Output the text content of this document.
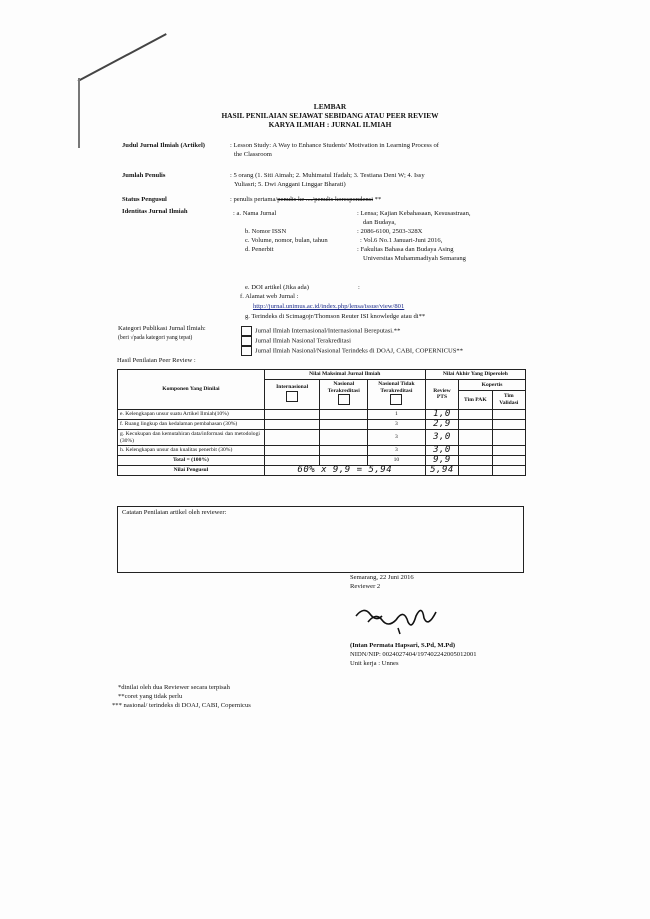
LEMBAR
HASIL PENILAIAN SEJAWAT SEBIDANG ATAU PEER REVIEW
KARYA ILMIAH : JURNAL ILMIAH
Judul Jurnal Ilmiah (Artikel)	: Lesson Study: A Way to Enhance Students' Motivation in Learning Process of
the Classroom
Jumlah Penulis	: 5 orang (1. Siti Aimah; 2. Muhimatul Ifadah; 3. Testiana Deni W; 4. Issy
Yuliasri; 5. Dwi Anggani Linggar Bharati)
Status Pengusul	: penulis pertama/penulis ke ..../penulis korespondensi **
Identitas Jurnal Ilmiah	: a. Nama Jurnal	: Lensa; Kajian Kebahasaan, Kesusastraan,
dan Budaya,
b. Nomor ISSN	: 2086-6100, 2503-328X
c. Volume, nomor, bulan, tahun	: Vol.6 No.1 Januari-Juni 2016,
d. Penerbit	: Fakultas Bahasa dan Budaya Asing
Universitas Muhammadiyah Semarang
e. DOI artikel (Jika ada)	:
f. Alamat web Jurnal :
http://jurnal.unimus.ac.id/index.php/lensa/issue/view/801
g. Terindeks di Scimagojr/Thomson Reuter ISI knowledge atau di**
Kategori Publikasi Jurnal Ilmiah:
(beri √pada kategori yang tepat)
Jurnal Ilmiah Internasional/Internasional Bereputasi.**
Jurnal Ilmiah Nasional Terakreditasi
Jurnal Ilmiah Nasional/Nasional Terindeks di DOAJ, CABI, COPERNICUS**
Hasil Penilaian Peer Review :
Komponen Yang Dinilai	Nilai Maksimal Jurnal Ilmiah			Nilai Akhir Yang Diperoleh		
	Internasional	Nasional Terakreditasi	Nasional Tidak Terakreditasi	Review PTS	Kopertis	
					Tim PAK	Tim Validasi
e. Kelengkapan unsur suatu Artikel Ilmiah(10%)			1	1,0		
f. Ruang lingkup dan kedalaman pembahasan (30%)			3	2,9		
g. Kecukupan dan kemutahiran data/informasi dan metodologi (30%)			3	3,0		
h. Kelengkapan unsur dan kualitas penerbit (30%)			3	3,0		
Total = (100%)			10	9,9		
Nilai Pengusul	60% x 9,9 = 5,94			5,94		
Catatan Penilaian artikel oleh reviewer:
Semarang, 22 Juni 2016
Reviewer 2
(Intan Permata Hapsari, S.Pd, M.Pd)
NIDN/NIP: 0024027404/197402242005012001
Unit kerja : Unnes
*dinilai oleh dua Reviewer secara terpisah
**coret yang tidak perlu
*** nasional/ terindeks di DOAJ, CABI, Copernicus
